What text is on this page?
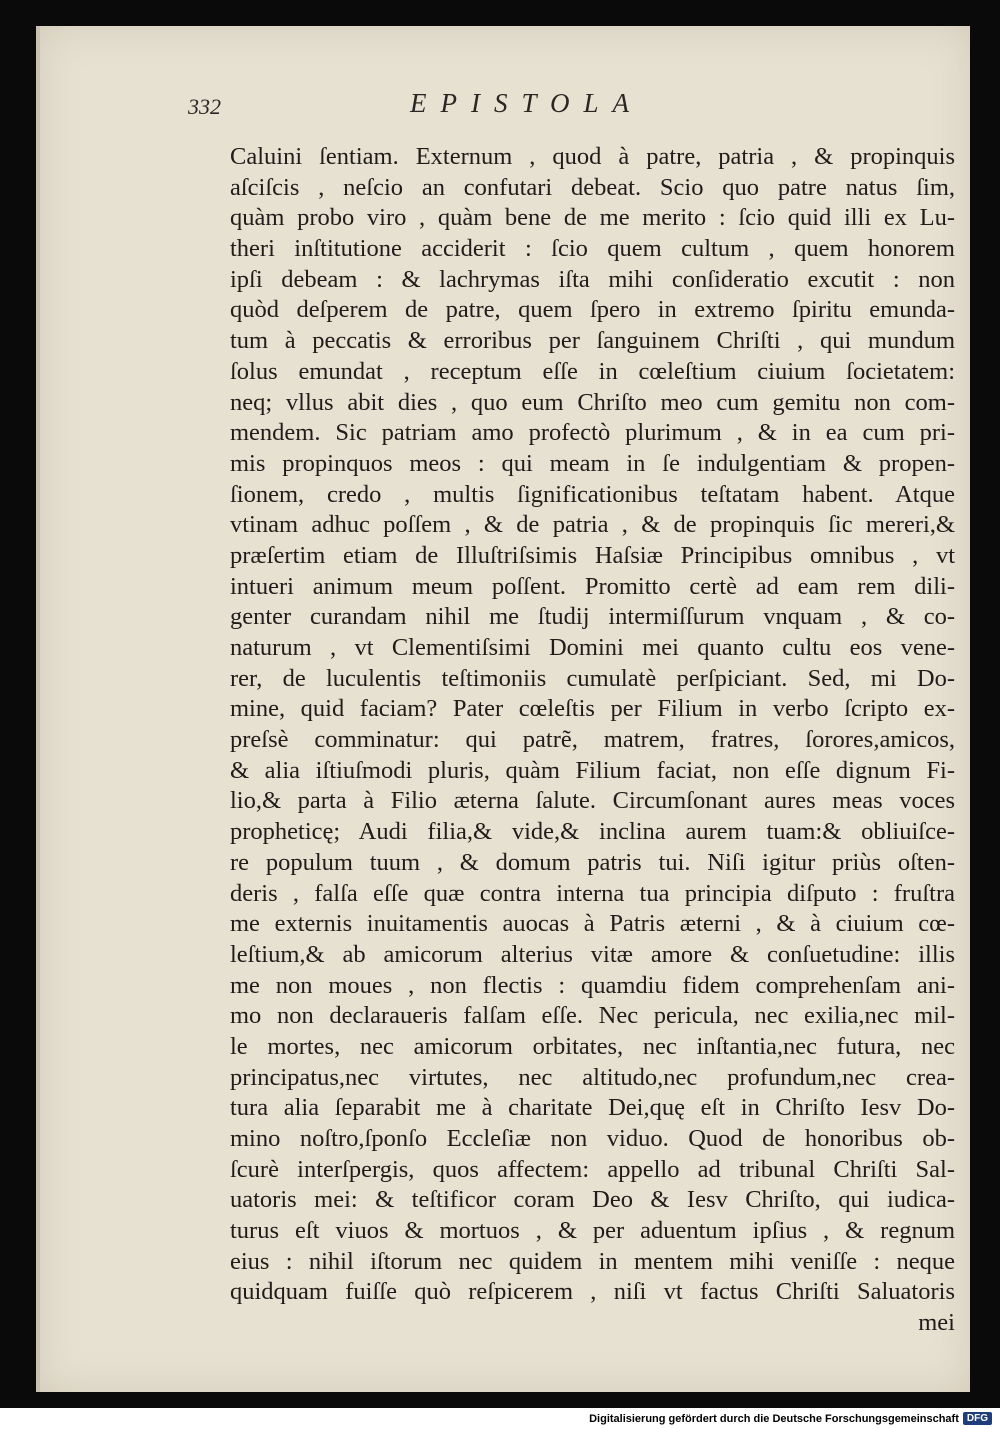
332	EPISTOLA
Caluini ſentiam. Externum , quod à patre, patria , & propinquis
aſciſcis , neſcio an confutari debeat. Scio quo patre natus ſim,
quàm probo viro , quàm bene de me merito : ſcio quid illi ex Lu-
theri inſtitutione acciderit : ſcio quem cultum , quem honorem
ipſi debeam : & lachrymas iſta mihi conſideratio excutit : non
quòd deſperem de patre, quem ſpero in extremo ſpiritu emunda-
tum à peccatis & erroribus per ſanguinem Chriſti , qui mundum
ſolus emundat , receptum eſſe in cœleſtium ciuium ſocietatem:
neq; vllus abit dies , quo eum Chriſto meo cum gemitu non com-
mendem. Sic patriam amo profectò plurimum , & in ea cum pri-
mis propinquos meos : qui meam in ſe indulgentiam & propen-
ſionem, credo , multis ſignificationibus teſtatam habent. Atque
vtinam adhuc poſſem , & de patria , & de propinquis ſic mereri,&
præſertim etiam de Illuſtriſsimis Haſsiæ Principibus omnibus , vt
intueri animum meum poſſent. Promitto certè ad eam rem dili-
genter curandam nihil me ſtudij intermiſſurum vnquam , & co-
naturum , vt Clementiſsimi Domini mei quanto cultu eos vene-
rer, de luculentis teſtimoniis cumulatè perſpiciant. Sed, mi Do-
mine, quid faciam? Pater cœleſtis per Filium in verbo ſcripto ex-
preſsè comminatur: qui patrẽ, matrem, fratres, ſorores,amicos,
& alia iſtiuſmodi pluris, quàm Filium faciat, non eſſe dignum Fi-
lio,& parta à Filio æterna ſalute. Circumſonant aures meas voces
propheticę; Audi filia,& vide,& inclina aurem tuam:& obliuiſce-
re populum tuum , & domum patris tui. Niſi igitur priùs oſten-
deris , falſa eſſe quæ contra interna tua principia diſputo : fruſtra
me externis inuitamentis auocas à Patris æterni , & à ciuium cœ-
leſtium,& ab amicorum alterius vitæ amore & conſuetudine: illis
me non moues , non flectis : quamdiu fidem comprehenſam ani-
mo non declaraueris falſam eſſe. Nec pericula, nec exilia,nec mil-
le mortes, nec amicorum orbitates, nec inſtantia,nec futura, nec
principatus,nec virtutes, nec altitudo,nec profundum,nec crea-
tura alia ſeparabit me à charitate Dei,quę eſt in Chriſto Iesv Do-
mino noſtro,ſponſo Eccleſiæ non viduo. Quod de honoribus ob-
ſcurè interſpergis, quos affectem: appello ad tribunal Chriſti Sal-
uatoris mei: & teſtificor coram Deo & Iesv Chriſto, qui iudica-
turus eſt viuos & mortuos , & per aduentum ipſius , & regnum
eius : nihil iſtorum nec quidem in mentem mihi veniſſe : neque
quidquam fuiſſe quò reſpicerem , niſi vt factus Chriſti Saluatoris
mei
Digitalisierung gefördert durch die Deutsche Forschungsgemeinschaft DFG
